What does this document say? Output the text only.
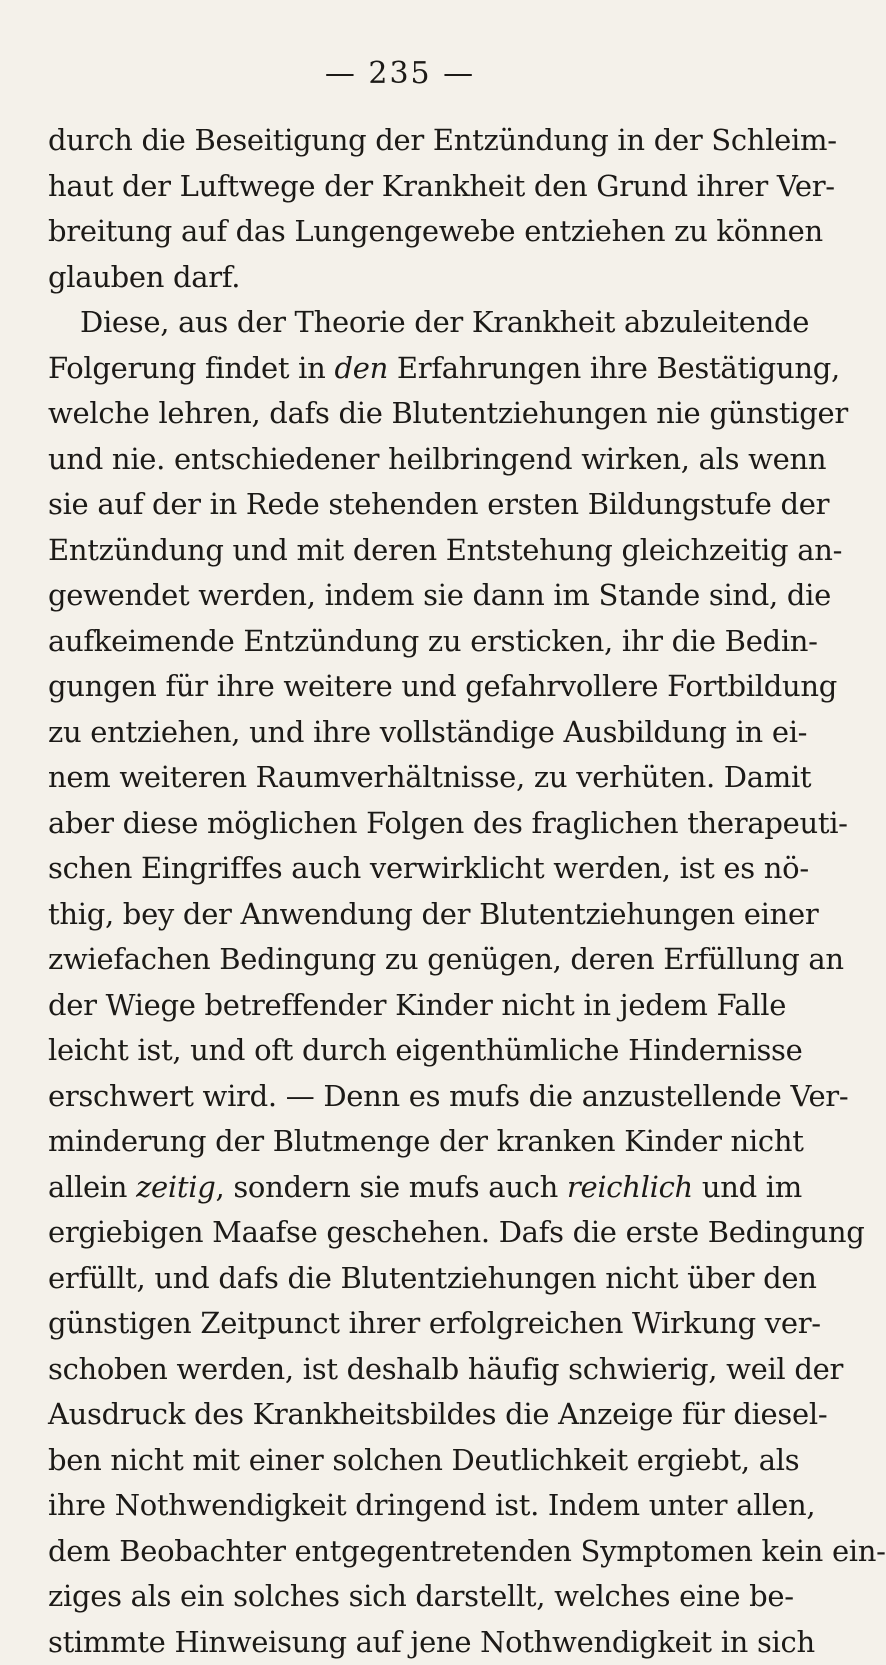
— 235 —
durch die Beseitigung der Entzündung in der Schleim-
haut der Luftwege der Krankheit den Grund ihrer Ver-
breitung auf das Lungengewebe entziehen zu können
glauben darf.
Diese, aus der Theorie der Krankheit abzuleitende
Folgerung findet in den Erfahrungen ihre Bestätigung,
welche lehren, dafs die Blutentziehungen nie günstiger
und nie. entschiedener heilbringend wirken, als wenn
sie auf der in Rede stehenden ersten Bildungstufe der
Entzündung und mit deren Entstehung gleichzeitig an-
gewendet werden, indem sie dann im Stande sind, die
aufkeimende Entzündung zu ersticken, ihr die Bedin-
gungen für ihre weitere und gefahrvollere Fortbildung
zu entziehen, und ihre vollständige Ausbildung in ei-
nem weiteren Raumverhältnisse, zu verhüten. Damit
aber diese möglichen Folgen des fraglichen therapeuti-
schen Eingriffes auch verwirklicht werden, ist es nö-
thig, bey der Anwendung der Blutentziehungen einer
zwiefachen Bedingung zu genügen, deren Erfüllung an
der Wiege betreffender Kinder nicht in jedem Falle
leicht ist, und oft durch eigenthümliche Hindernisse
erschwert wird. — Denn es mufs die anzustellende Ver-
minderung der Blutmenge der kranken Kinder nicht
allein zeitig, sondern sie mufs auch reichlich und im
ergiebigen Maafse geschehen. Dafs die erste Bedingung
erfüllt, und dafs die Blutentziehungen nicht über den
günstigen Zeitpunct ihrer erfolgreichen Wirkung ver-
schoben werden, ist deshalb häufig schwierig, weil der
Ausdruck des Krankheitsbildes die Anzeige für diesel-
ben nicht mit einer solchen Deutlichkeit ergiebt, als
ihre Nothwendigkeit dringend ist. Indem unter allen,
dem Beobachter entgegentretenden Symptomen kein ein-
ziges als ein solches sich darstellt, welches eine be-
stimmte Hinweisung auf jene Nothwendigkeit in sich
